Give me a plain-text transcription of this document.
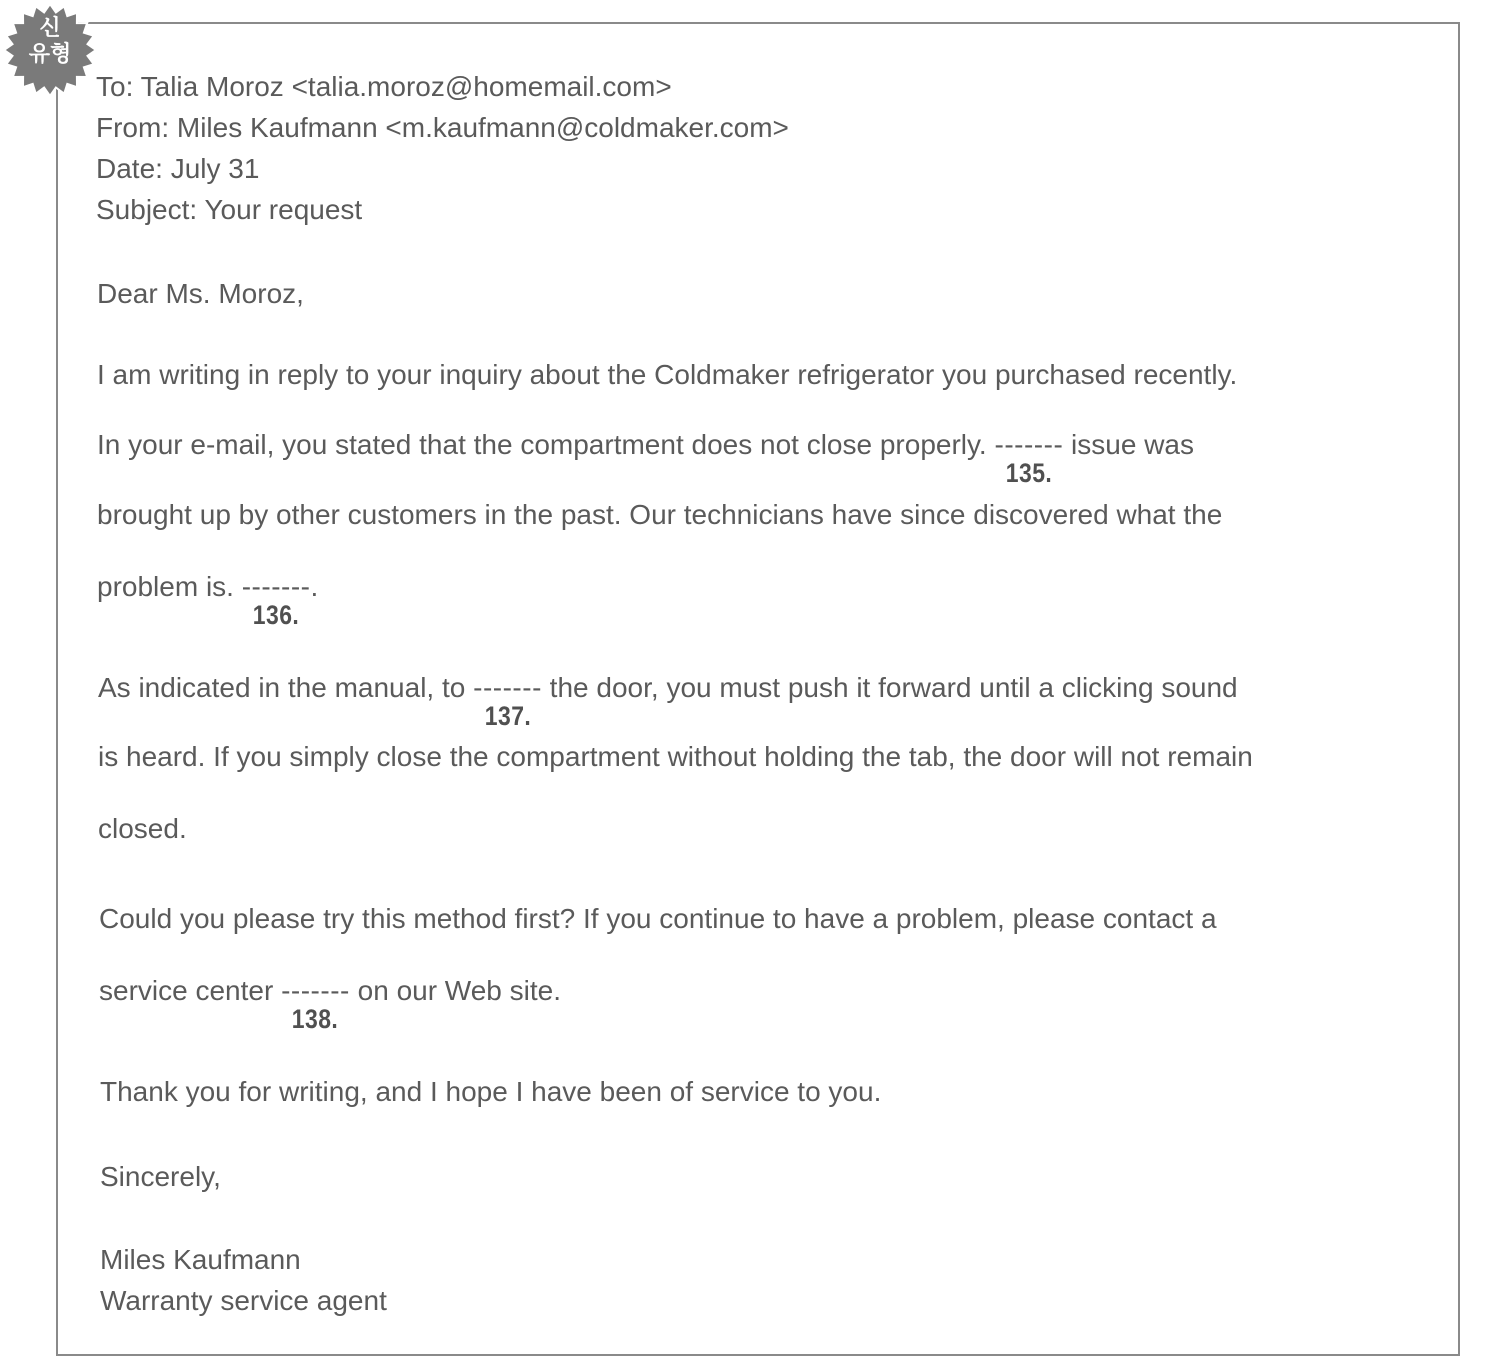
신
유형
To: Talia Moroz <talia.moroz@homemail.com>
From: Miles Kaufmann <m.kaufmann@coldmaker.com>
Date: July 31
Subject: Your request
Dear Ms. Moroz,
I am writing in reply to your inquiry about the Coldmaker refrigerator you purchased recently.
In your e-mail, you stated that the compartment does not close properly. -------
135.
issue was
brought up by other customers in the past. Our technicians have since discovered what the
problem is. -------
136.
.
As indicated in the manual, to -------
137.
the door, you must push it forward until a clicking sound
is heard. If you simply close the compartment without holding the tab, the door will not remain
closed.
Could you please try this method first? If you continue to have a problem, please contact a
service center -------
138.
on our Web site.
Thank you for writing, and I hope I have been of service to you.
Sincerely,
Miles Kaufmann
Warranty service agent
